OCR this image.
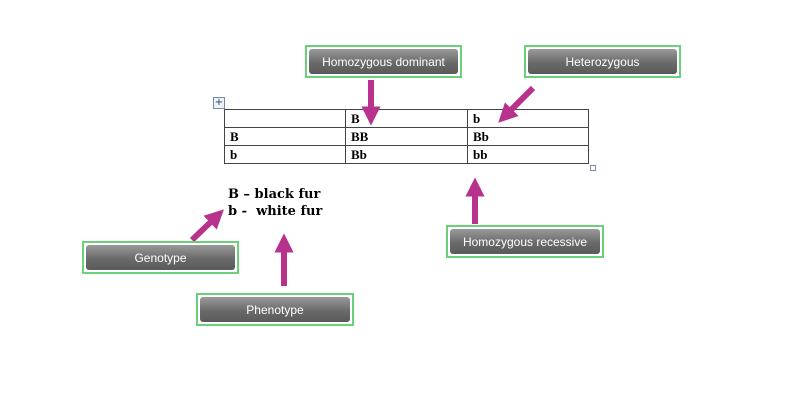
+
	B	b
B	BB	Bb
b	Bb	bb
B – black fur
b -  white fur
Homozygous dominant	Heterozygous
Homozygous recessive
Genotype
Phenotype
